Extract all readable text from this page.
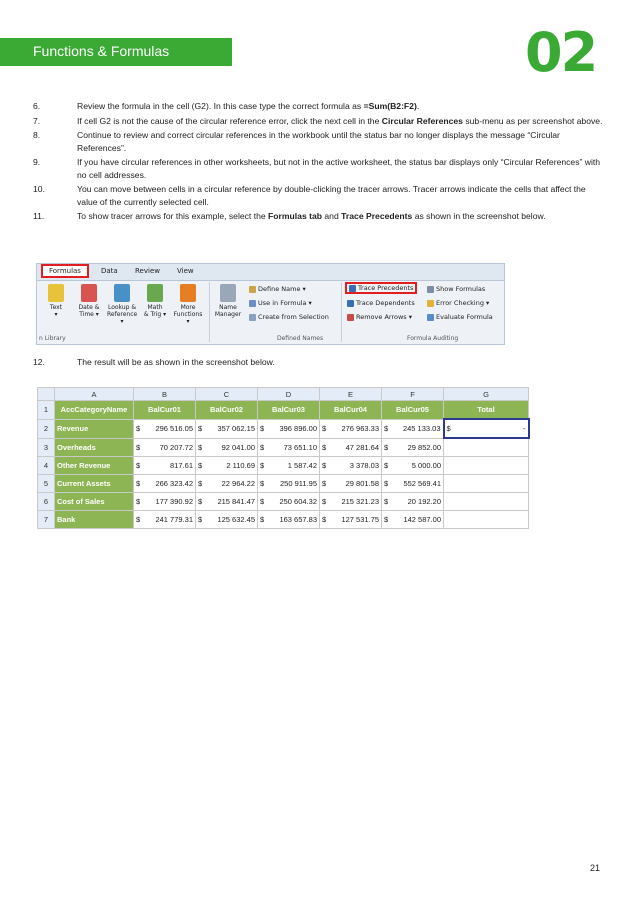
Functions & Formulas	02
6.	Review the formula in the cell (G2). In this case type the correct formula as =Sum(B2:F2).
7.	If cell G2 is not the cause of the circular reference error, click the next cell in the Circular References sub-menu as per screenshot above.
8.	Continue to review and correct circular references in the workbook until the status bar no longer displays the message “Circular References”.
9.	If you have circular references in other worksheets, but not in the active worksheet, the status bar displays only “Circular References” with no cell addresses.
10.	You can move between cells in a circular reference by double-clicking the tracer arrows. Tracer arrows indicate the cells that affect the value of the currently selected cell.
11.	To show tracer arrows for this example, select the Formulas tab and Trace Precedents as shown in the screenshot below.
Formulas	Data Review View
Text
▾
Date &
Time ▾
Lookup &
Reference ▾
Math
& Trig ▾
More
Functions ▾
n Library
Name
Manager
Define Name ▾
Use in Formula ▾
Create from Selection
Defined Names
Trace Precedents
Trace Dependents
Remove Arrows ▾
Show Formulas
Error Checking ▾
Evaluate Formula
Formula Auditing
12.	The result will be as shown in the screenshot below.
	A	B	C	D	E	F	G
1	AccCategoryName	BalCur01	BalCur02	BalCur03	BalCur04	BalCur05	Total
2	Revenue	$ 296 516.05	$ 357 062.15	$ 396 896.00	$ 276 963.33	$ 245 133.03	$ -

3	Overheads	$ 70 207.72	$ 92 041.00	$ 73 651.10	$ 47 281.64	$ 29 852.00	

4	Other Revenue	$ 817.61	$ 2 110.69	$ 1 587.42	$ 3 378.03	$ 5 000.00	

5	Current Assets	$ 266 323.42	$ 22 964.22	$ 250 911.95	$ 29 801.58	$ 552 569.41	

6	Cost of Sales	$ 177 390.92	$ 215 841.47	$ 250 604.32	$ 215 321.23	$ 20 192.20	

7	Bank	$ 241 779.31	$ 125 632.45	$ 163 657.83	$ 127 531.75	$ 142 587.00	

21
